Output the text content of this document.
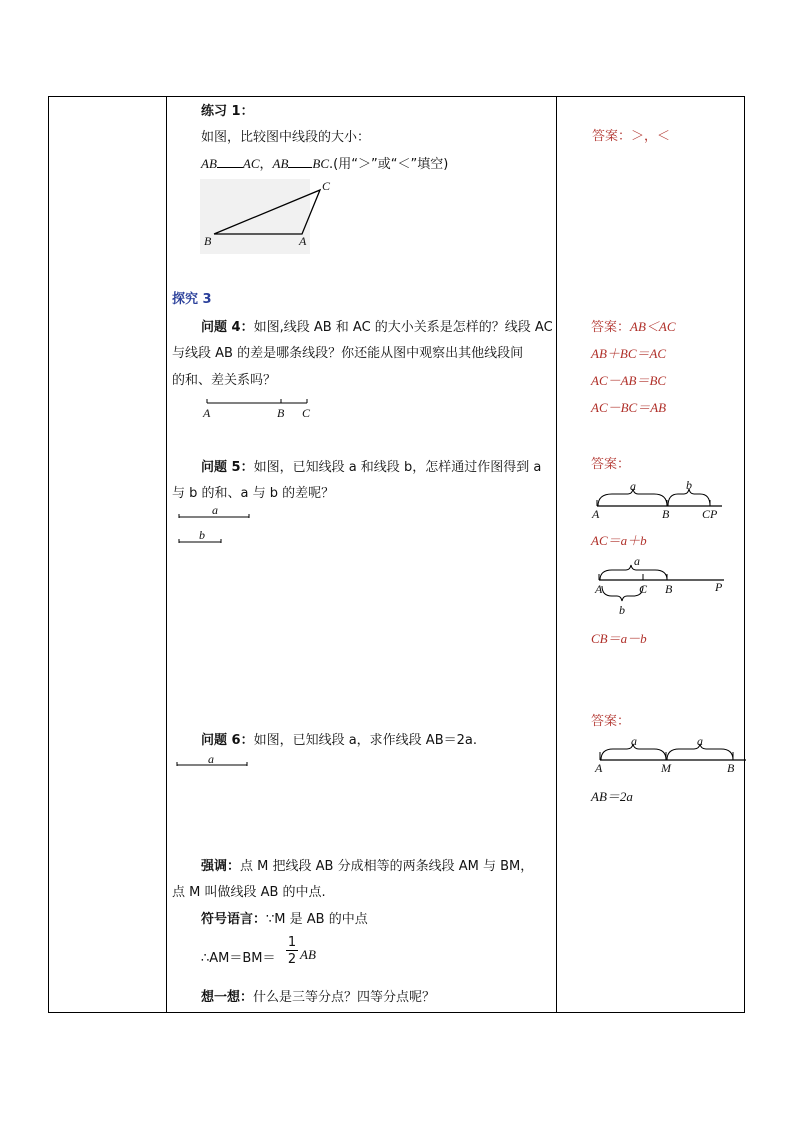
练习 1：
如图，比较图中线段的大小：
AB AC，AB BC.(用“＞”或“＜”填空)
C
B	A
答案：＞，＜
探究 3
问题 4：如图,线段 AB 和 AC 的大小关系是怎样的？线段 AC
与线段 AB 的差是哪条线段？你还能从图中观察出其他线段间
的和、差关系吗？
A	B C
答案：AB＜AC
AB＋BC＝AC
AC－AB＝BC
AC－BC＝AB
问题 5：如图，已知线段 a 和线段 b，怎样通过作图得到 a
与 b 的和、a 与 b 的差呢？
a
b
答案：
a	b
A	B	CP
AC＝a＋b
a
b
A	C B	P
CB＝a－b
问题 6：如图，已知线段 a，求作线段 AB＝2a.
a
答案：
a	a
A	M	B
AB＝2a
强调：点 M 把线段 AB 分成相等的两条线段 AM 与 BM，
点 M 叫做线段 AB 的中点.
符号语言：∵M 是 AB 的中点
∴AM＝BM＝
1
2 AB
想一想：什么是三等分点？四等分点呢？
